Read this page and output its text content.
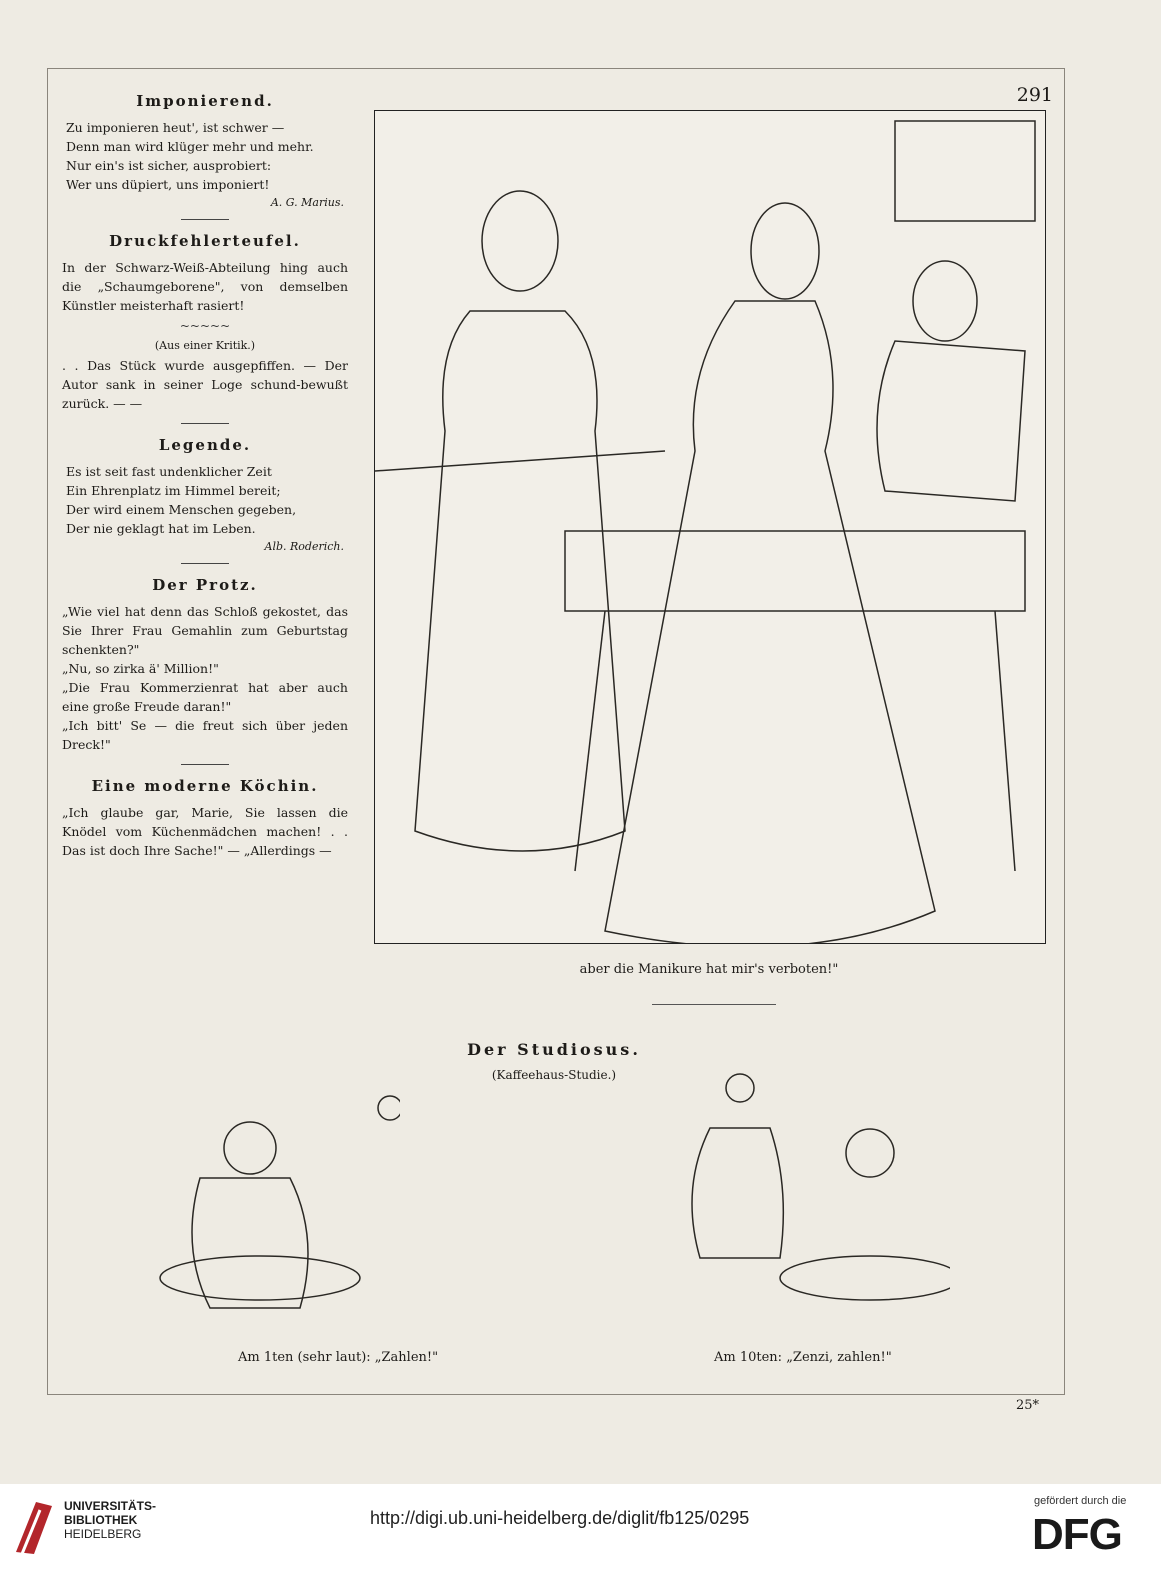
291
Imponierend.
Zu imponieren heut', ist schwer —
Denn man wird klüger mehr und mehr.
Nur ein's ist sicher, ausprobiert:
Wer uns düpiert, uns imponiert!
A. G. Marius.
Druckfehlerteufel.
In der Schwarz-Weiß-Abteilung hing auch die „Schaumgeborene", von demselben Künstler meisterhaft rasiert!
~~~~~
(Aus einer Kritik.)
. . Das Stück wurde ausgepfiffen. — Der Autor sank in seiner Loge schund-bewußt zurück. — —
Legende.
Es ist seit fast undenklicher Zeit
Ein Ehrenplatz im Himmel bereit;
Der wird einem Menschen gegeben,
Der nie geklagt hat im Leben.
Alb. Roderich.
Der Protz.
„Wie viel hat denn das Schloß gekostet, das Sie Ihrer Frau Gemahlin zum Geburtstag schenkten?"
„Nu, so zirka ä' Million!"
„Die Frau Kommerzienrat hat aber auch eine große Freude daran!"
„Ich bitt' Se — die freut sich über jeden Dreck!"
Eine moderne Köchin.
„Ich glaube gar, Marie, Sie lassen die Knödel vom Küchenmädchen machen! . . Das ist doch Ihre Sache!" — „Allerdings —
aber die Manikure hat mir's verboten!"
Der Studiosus.
(Kaffeehaus-Studie.)
Am 1ten (sehr laut): „Zahlen!"	Am 10ten: „Zenzi, zahlen!"
25*
UNIVERSITÄTS-
BIBLIOTHEK
HEIDELBERG
http://digi.ub.uni-heidelberg.de/diglit/fb125/0295
gefördert durch die
DFG
